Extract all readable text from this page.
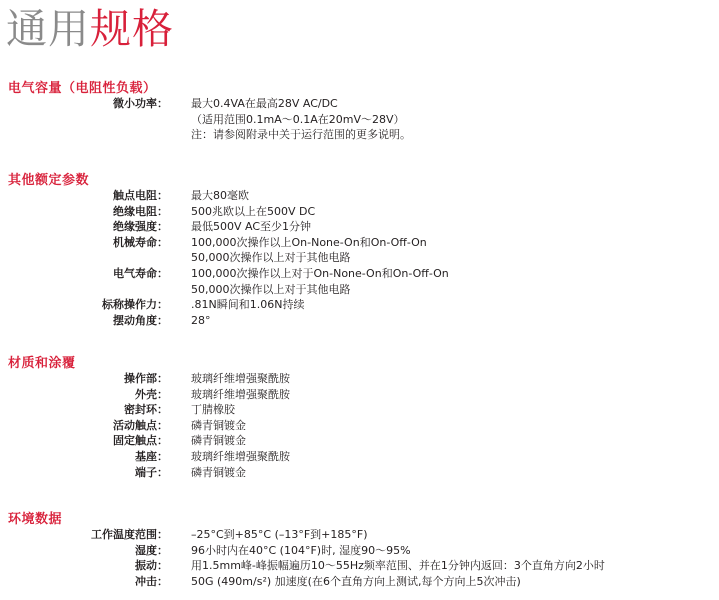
通用规格
电气容量（电阻性负载）
微小功率： 最大0.4VA在最高28V AC/DC
（适用范围0.1mA～0.1A在20mV～28V）
注：请参阅附录中关于运行范围的更多说明。
其他额定参数
触点电阻： 最大80毫欧
绝缘电阻： 500兆欧以上在500V DC
绝缘强度： 最低500V AC至少1分钟
机械寿命： 100,000次操作以上On-None-On和On-Off-On
50,000次操作以上对于其他电路
电气寿命： 100,000次操作以上对于On-None-On和On-Off-On
50,000次操作以上对于其他电路
标称操作力： .81N瞬间和1.06N持续
摆动角度： 28°
材质和涂覆
操作部： 玻璃纤维增强聚酰胺
外壳： 玻璃纤维增强聚酰胺
密封环： 丁腈橡胶
活动触点： 磷青铜镀金
固定触点： 磷青铜镀金
基座： 玻璃纤维增强聚酰胺
端子： 磷青铜镀金
环境数据
工作温度范围： –25°C到+85°C (–13°F到+185°F)
湿度： 96小时内在40°C (104°F)时, 湿度90～95%
振动： 用1.5mm峰-峰振幅遍历10～55Hz频率范围、并在1分钟内返回：3个直角方向2小时
冲击： 50G (490m/s²) 加速度(在6个直角方向上测试,每个方向上5次冲击)
